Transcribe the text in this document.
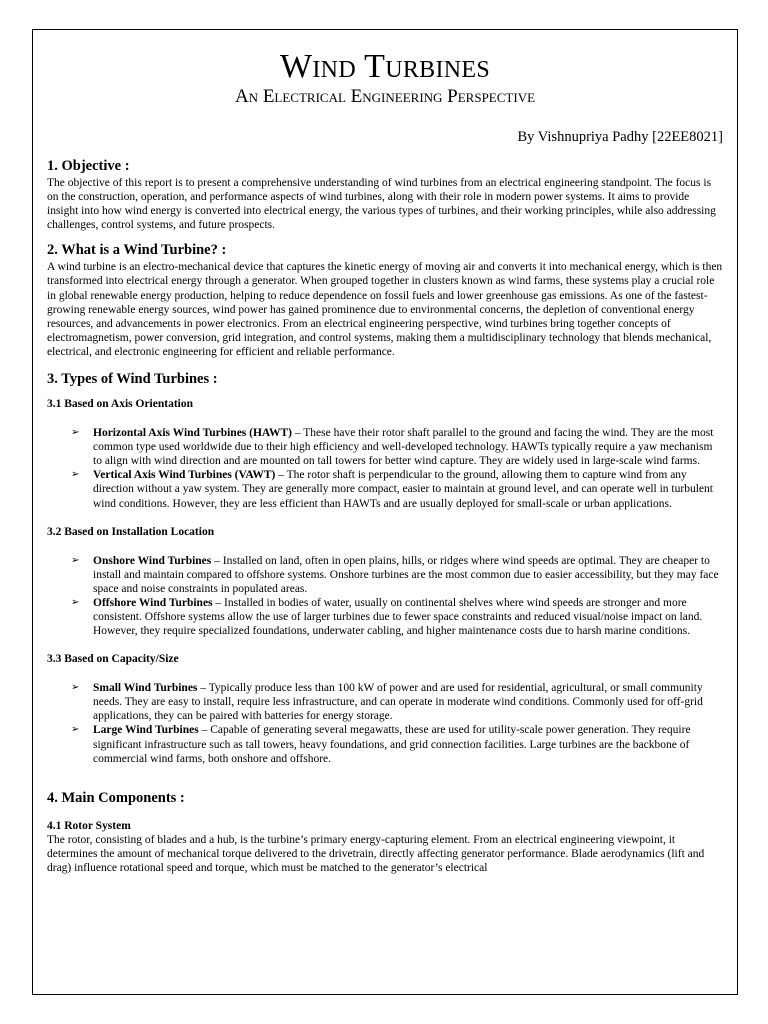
Wind Turbines
An Electrical Engineering Perspective
By Vishnupriya Padhy [22EE8021]
1. Objective :

The objective of this report is to present a comprehensive understanding of wind turbines from an electrical engineering standpoint. The focus is on the construction, operation, and performance aspects of wind turbines, along with their role in modern power systems. It aims to provide insight into how wind energy is converted into electrical energy, the various types of turbines, and their working principles, while also addressing challenges, control systems, and future prospects.

2. What is a Wind Turbine? :

A wind turbine is an electro-mechanical device that captures the kinetic energy of moving air and converts it into mechanical energy, which is then transformed into electrical energy through a generator. When grouped together in clusters known as wind farms, these systems play a crucial role in global renewable energy production, helping to reduce dependence on fossil fuels and lower greenhouse gas emissions. As one of the fastest-growing renewable energy sources, wind power has gained prominence due to environmental concerns, the depletion of conventional energy resources, and advancements in power electronics. From an electrical engineering perspective, wind turbines bring together concepts of electromagnetism, power conversion, grid integration, and control systems, making them a multidisciplinary technology that blends mechanical, electrical, and electronic engineering for efficient and reliable performance.

3. Types of Wind Turbines :
3.1 Based on Axis Orientation
➢ Horizontal Axis Wind Turbines (HAWT) – These have their rotor shaft parallel to the ground and facing the wind. They are the most common type used worldwide due to their high efficiency and well-developed technology. HAWTs typically require a yaw mechanism to align with wind direction and are mounted on tall towers for better wind capture. They are widely used in large-scale wind farms.
➢ Vertical Axis Wind Turbines (VAWT) – The rotor shaft is perpendicular to the ground, allowing them to capture wind from any direction without a yaw system. They are generally more compact, easier to maintain at ground level, and can operate well in turbulent wind conditions. However, they are less efficient than HAWTs and are usually deployed for small-scale or urban applications.
3.2 Based on Installation Location
➢ Onshore Wind Turbines – Installed on land, often in open plains, hills, or ridges where wind speeds are optimal. They are cheaper to install and maintain compared to offshore systems. Onshore turbines are the most common due to easier accessibility, but they may face space and noise constraints in populated areas.
➢ Offshore Wind Turbines – Installed in bodies of water, usually on continental shelves where wind speeds are stronger and more consistent. Offshore systems allow the use of larger turbines due to fewer space constraints and reduced visual/noise impact on land. However, they require specialized foundations, underwater cabling, and higher maintenance costs due to harsh marine conditions.
3.3 Based on Capacity/Size
➢ Small Wind Turbines – Typically produce less than 100 kW of power and are used for residential, agricultural, or small community needs. They are easy to install, require less infrastructure, and can operate in moderate wind conditions. Commonly used for off-grid applications, they can be paired with batteries for energy storage.
➢ Large Wind Turbines – Capable of generating several megawatts, these are used for utility-scale power generation. They require significant infrastructure such as tall towers, heavy foundations, and grid connection facilities. Large turbines are the backbone of commercial wind farms, both onshore and offshore.
4. Main Components :
4.1 Rotor System

The rotor, consisting of blades and a hub, is the turbine’s primary energy-capturing element. From an electrical engineering viewpoint, it determines the amount of mechanical torque delivered to the drivetrain, directly affecting generator performance. Blade aerodynamics (lift and drag) influence rotational speed and torque, which must be matched to the generator’s electrical
